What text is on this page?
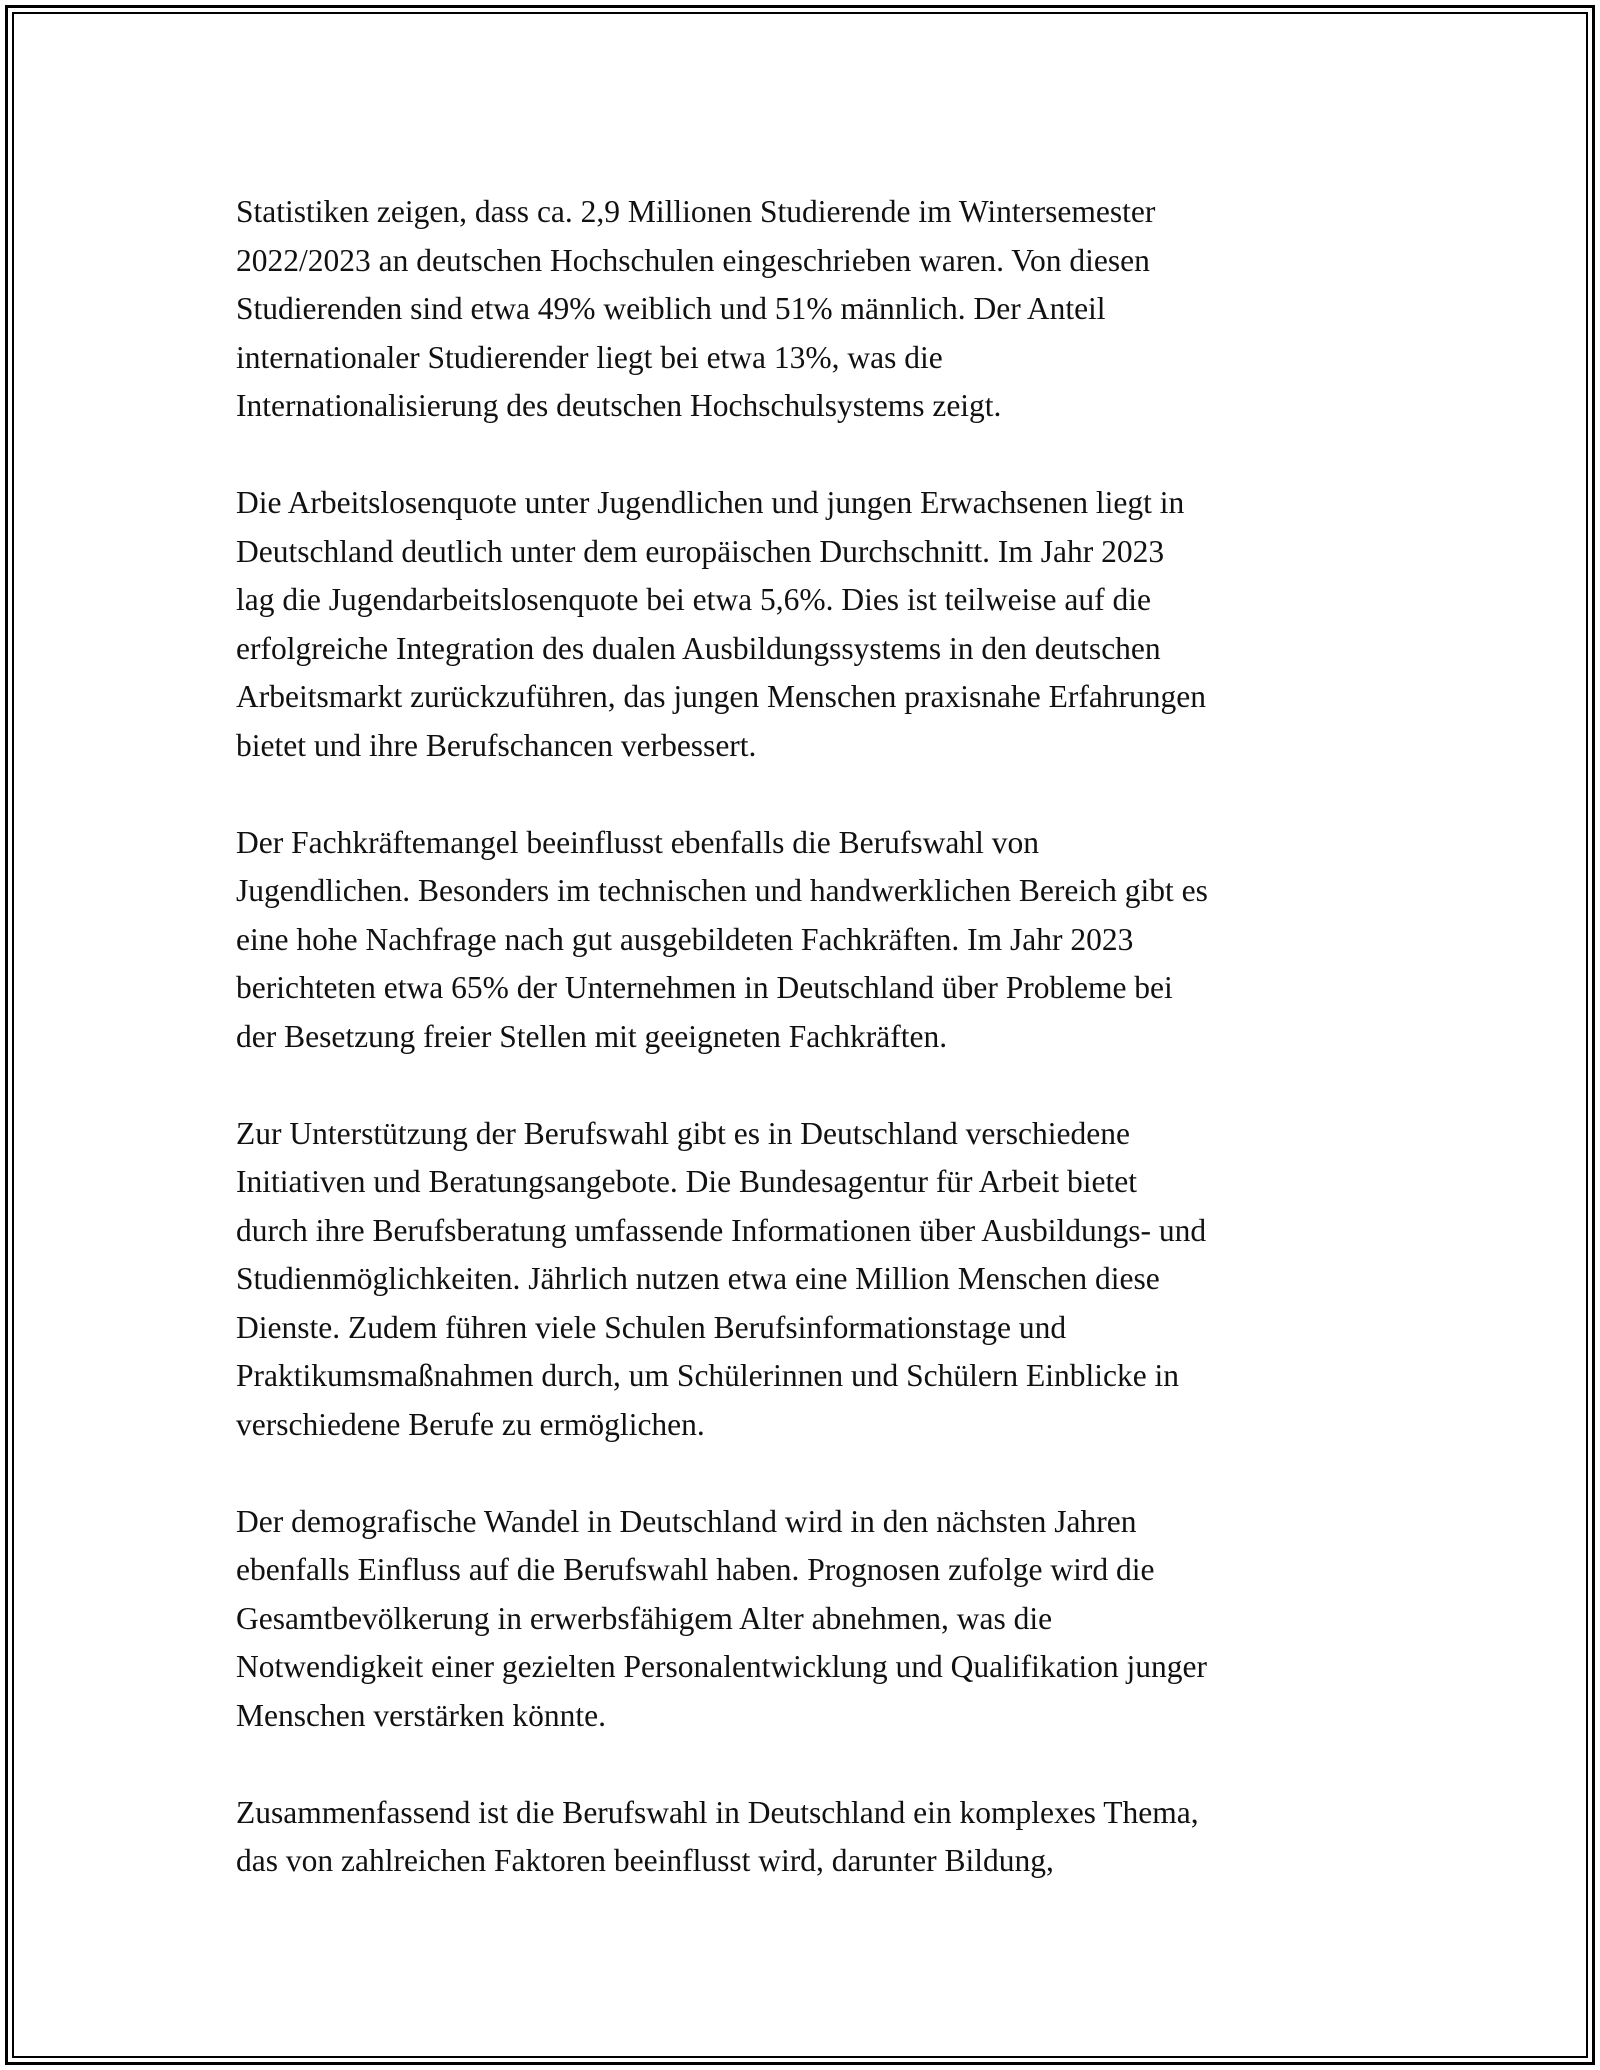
Statistiken zeigen, dass ca. 2,9 Millionen Studierende im Wintersemester
2022/2023 an deutschen Hochschulen eingeschrieben waren. Von diesen
Studierenden sind etwa 49% weiblich und 51% männlich. Der Anteil
internationaler Studierender liegt bei etwa 13%, was die
Internationalisierung des deutschen Hochschulsystems zeigt.

Die Arbeitslosenquote unter Jugendlichen und jungen Erwachsenen liegt in
Deutschland deutlich unter dem europäischen Durchschnitt. Im Jahr 2023
lag die Jugendarbeitslosenquote bei etwa 5,6%. Dies ist teilweise auf die
erfolgreiche Integration des dualen Ausbildungssystems in den deutschen
Arbeitsmarkt zurückzuführen, das jungen Menschen praxisnahe Erfahrungen
bietet und ihre Berufschancen verbessert.

Der Fachkräftemangel beeinflusst ebenfalls die Berufswahl von
Jugendlichen. Besonders im technischen und handwerklichen Bereich gibt es
eine hohe Nachfrage nach gut ausgebildeten Fachkräften. Im Jahr 2023
berichteten etwa 65% der Unternehmen in Deutschland über Probleme bei
der Besetzung freier Stellen mit geeigneten Fachkräften.

Zur Unterstützung der Berufswahl gibt es in Deutschland verschiedene
Initiativen und Beratungsangebote. Die Bundesagentur für Arbeit bietet
durch ihre Berufsberatung umfassende Informationen über Ausbildungs- und
Studienmöglichkeiten. Jährlich nutzen etwa eine Million Menschen diese
Dienste. Zudem führen viele Schulen Berufsinformationstage und
Praktikumsmaßnahmen durch, um Schülerinnen und Schülern Einblicke in
verschiedene Berufe zu ermöglichen.

Der demografische Wandel in Deutschland wird in den nächsten Jahren
ebenfalls Einfluss auf die Berufswahl haben. Prognosen zufolge wird die
Gesamtbevölkerung in erwerbsfähigem Alter abnehmen, was die
Notwendigkeit einer gezielten Personalentwicklung und Qualifikation junger
Menschen verstärken könnte.

Zusammenfassend ist die Berufswahl in Deutschland ein komplexes Thema,
das von zahlreichen Faktoren beeinflusst wird, darunter Bildung,
